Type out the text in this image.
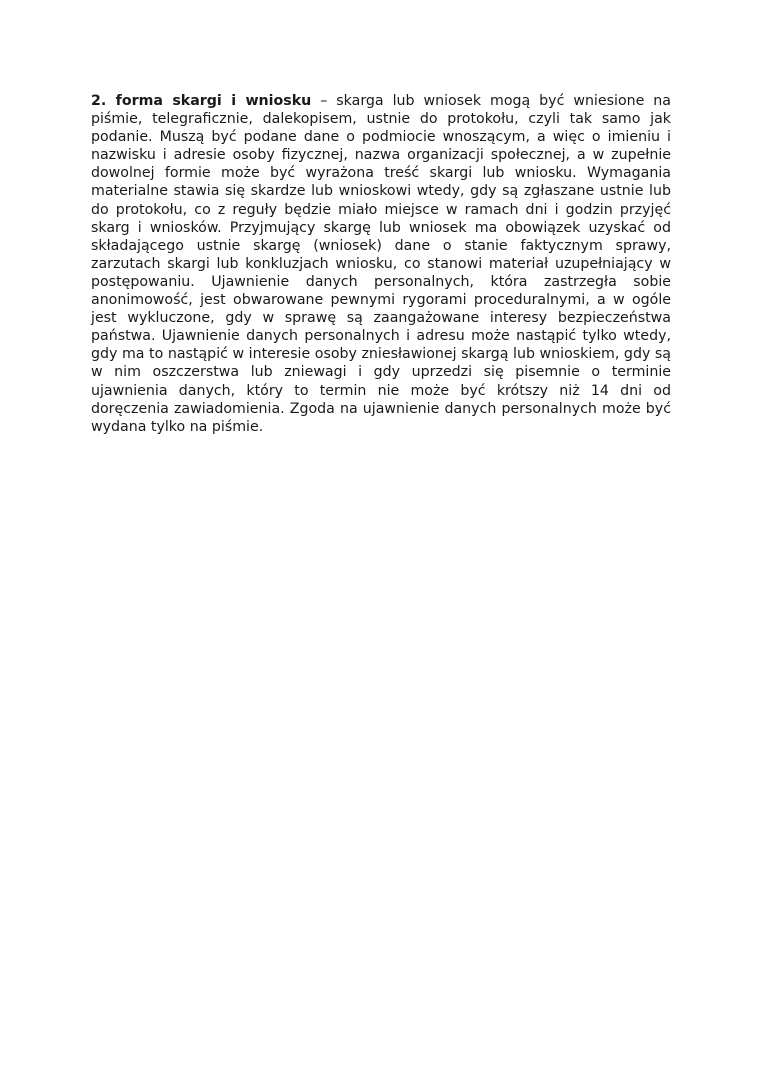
2. forma skargi i wniosku – skarga lub wniosek mogą być wniesione na piśmie, telegraficznie, dalekopisem, ustnie do protokołu, czyli tak samo jak podanie. Muszą być podane dane o podmiocie wnoszącym, a więc o imieniu i nazwisku i adresie osoby fizycznej, nazwa organizacji społecznej, a w zupełnie dowolnej formie może być wyrażona treść skargi lub wniosku. Wymagania materialne stawia się skardze lub wnioskowi wtedy, gdy są zgłaszane ustnie lub do protokołu, co z reguły będzie miało miejsce w ramach dni i godzin przyjęć skarg i wniosków. Przyjmujący skargę lub wniosek ma obowiązek uzyskać od składającego ustnie skargę (wniosek) dane o stanie faktycznym sprawy, zarzutach skargi lub konkluzjach wniosku, co stanowi materiał uzupełniający w postępowaniu. Ujawnienie danych personalnych, która zastrzegła sobie anonimowość, jest obwarowane pewnymi rygorami proceduralnymi, a w ogóle jest wykluczone, gdy w sprawę są zaangażowane interesy bezpieczeństwa państwa. Ujawnienie danych personalnych i adresu może nastąpić tylko wtedy, gdy ma to nastąpić w interesie osoby zniesławionej skargą lub wnioskiem, gdy są w nim oszczerstwa lub zniewagi i gdy uprzedzi się pisemnie o terminie ujawnienia danych, który to termin nie może być krótszy niż 14 dni od doręczenia zawiadomienia. Zgoda na ujawnienie danych personalnych może być wydana tylko na piśmie.
